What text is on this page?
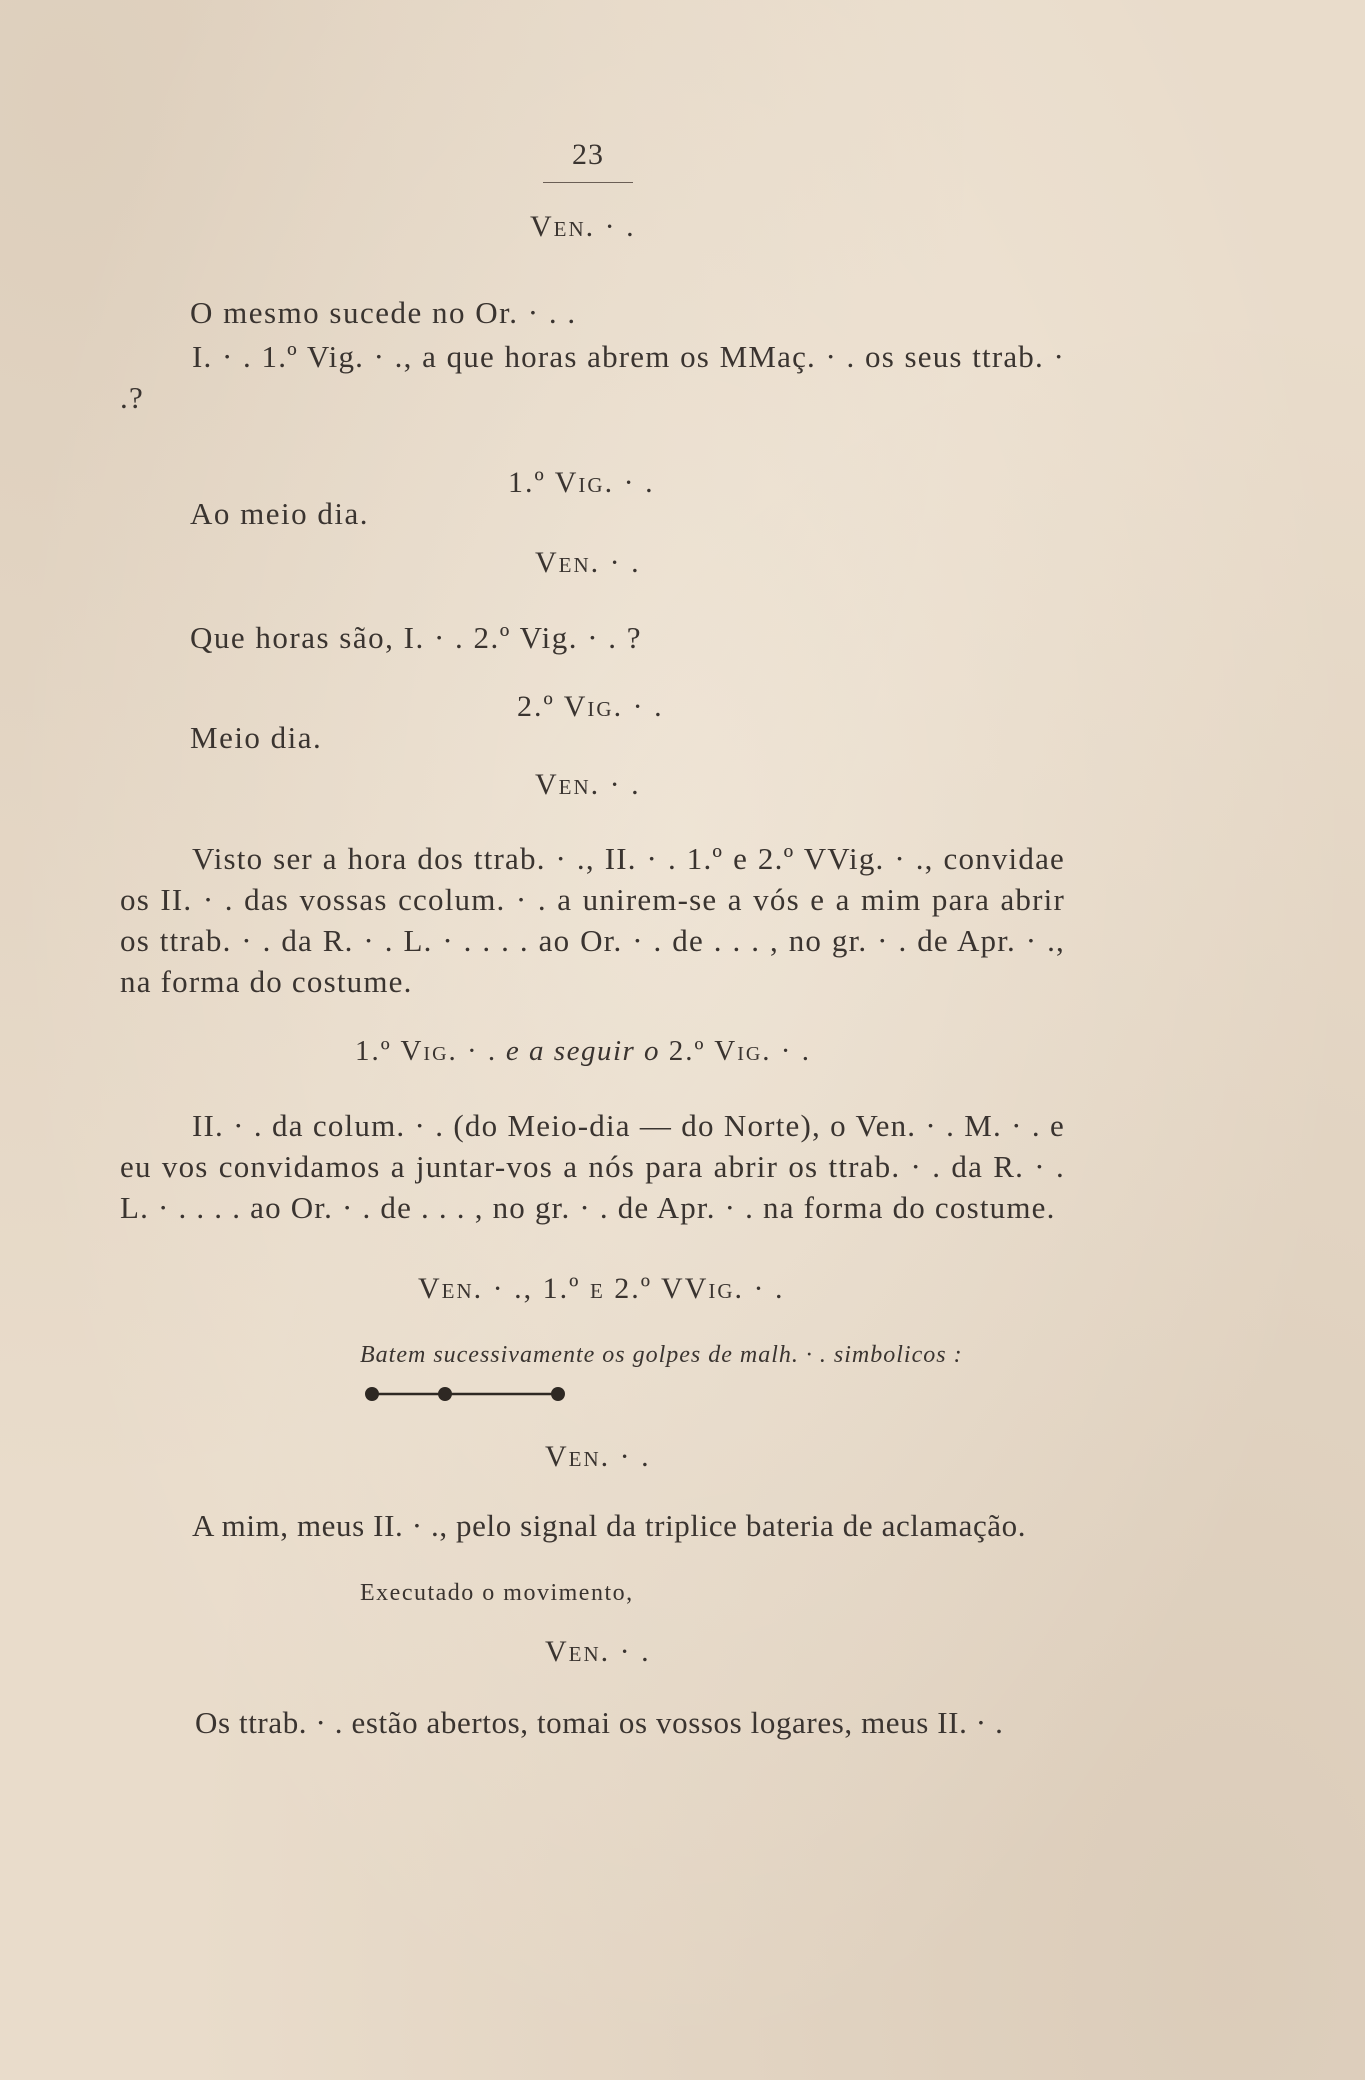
23
Ven. · .
O mesmo sucede no Or. · . .

I. · . 1.º Vig. · ., a que horas abrem os MMaç. · . os seus ttrab. · .?

1.º Vig. · .
Ao meio dia.
Ven. · .
Que horas são, I. · . 2.º Vig. · . ?
2.º Vig. · .
Meio dia.
Ven. · .

Visto ser a hora dos ttrab. · ., II. · . 1.º e 2.º VVig. · ., convidae os II. · . das vossas ccolum. · . a unirem-se a vós e a mim para abrir os ttrab. · . da R. · . L. · . . . . ao Or. · . de . . . , no gr. · . de Apr. · ., na forma do costume.

1.º Vig. · . e a seguir o 2.º Vig. · .

II. · . da colum. · . (do Meio-dia — do Norte), o Ven. · . M. · . e eu vos convidamos a juntar-vos a nós para abrir os ttrab. · . da R. · . L. · . . . . ao Or. · . de . . . , no gr. · . de Apr. · . na forma do costume.

Ven. · ., 1.º e 2.º VVig. · .
Batem sucessivamente os golpes de malh. · . simbolicos :
Ven. · .
A mim, meus II. · ., pelo signal da triplice bateria de aclamação.
Executado o movimento,
Ven. · .
Os ttrab. · . estão abertos, tomai os vossos logares, meus II. · .
